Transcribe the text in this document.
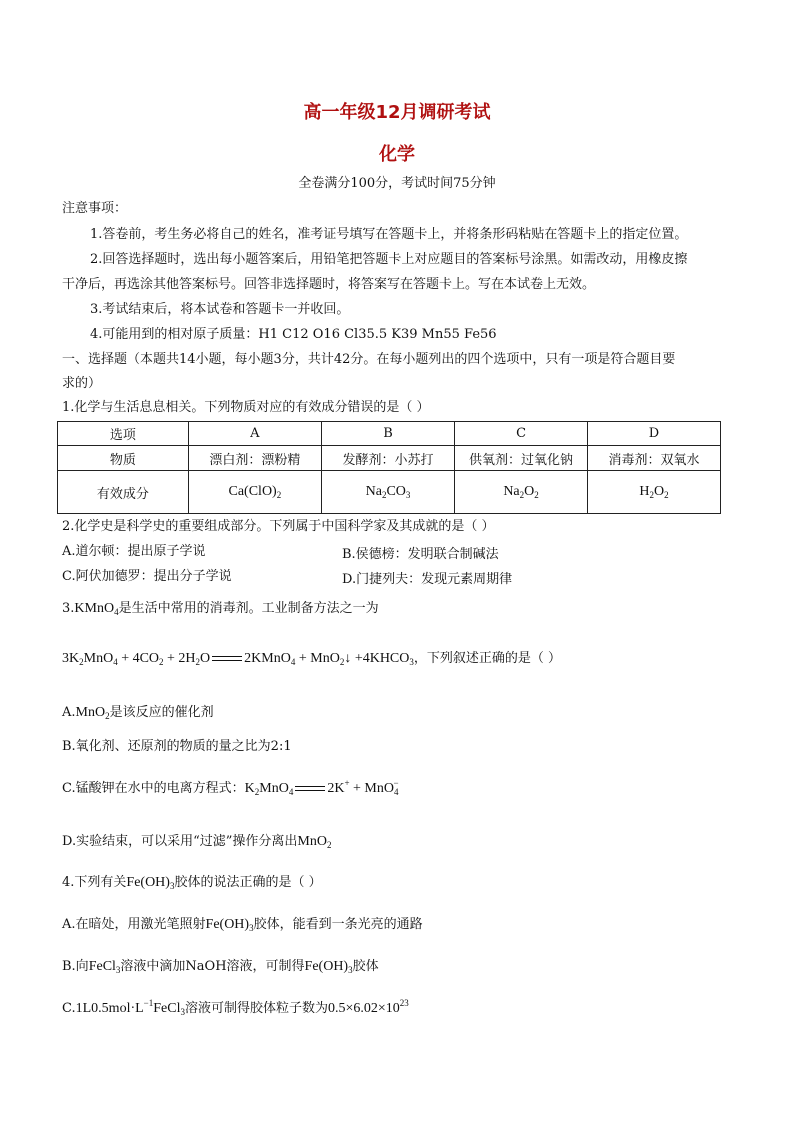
高一年级12月调研考试
化学
全卷满分100分，考试时间75分钟
注意事项：
1.答卷前，考生务必将自己的姓名，准考证号填写在答题卡上，并将条形码粘贴在答题卡上的指定位置。
2.回答选择题时，选出每小题答案后，用铅笔把答题卡上对应题目的答案标号涂黑。如需改动，用橡皮擦
干净后，再选涂其他答案标号。回答非选择题时，将答案写在答题卡上。写在本试卷上无效。
3.考试结束后，将本试卷和答题卡一并收回。
4.可能用到的相对原子质量：H1 C12 O16 Cl35.5 K39 Mn55 Fe56
一、选择题（本题共14小题，每小题3分，共计42分。在每小题列出的四个选项中，只有一项是符合题目要
求的）
1.化学与生活息息相关。下列物质对应的有效成分错误的是（ ）
选项	A	B	C	D
物质	漂白剂：漂粉精	发酵剂：小苏打	供氧剂：过氧化钠	消毒剂：双氧水
有效成分	$Ca(ClO)_2$	$Na_2CO_3$	$Na_2O_2$	$H_2O_2$
2.化学史是科学史的重要组成部分。下列属于中国科学家及其成就的是（ ）
A.道尔顿：提出原子学说	B.侯德榜：发明联合制碱法
C.阿伏加德罗：提出分子学说	D.门捷列夫：发现元素周期律
3.KMnO$_4$是生活中常用的消毒剂。工业制备方法之一为
$3K_2MnO_4 + 4CO_2 + 2H_2O$ 2KMnO$_4$ + MnO$_2$↓ $+4KHCO_3$，下列叙述正确的是（ ）
A.MnO$_2$是该反应的催化剂
B.氧化剂、还原剂的物质的量之比为2:1
C.锰酸钾在水中的电离方程式：$K_2MnO_4$ 2K+ + MnO$_4$−
D.实验结束，可以采用“过滤”操作分离出MnO$_2$
4.下列有关$Fe(OH)_3$胶体的说法正确的是（ ）
A.在暗处，用激光笔照射$Fe(OH)_3$胶体，能看到一条光亮的通路
B.向FeCl$_3$溶液中滴加NaOH溶液，可制得$Fe(OH)_3$胶体
$C.1L0.5mol\cdot L^{-1}FeCl_3$溶液可制得胶体粒子数为$0.5\times 6.02\times 10^{23}$
